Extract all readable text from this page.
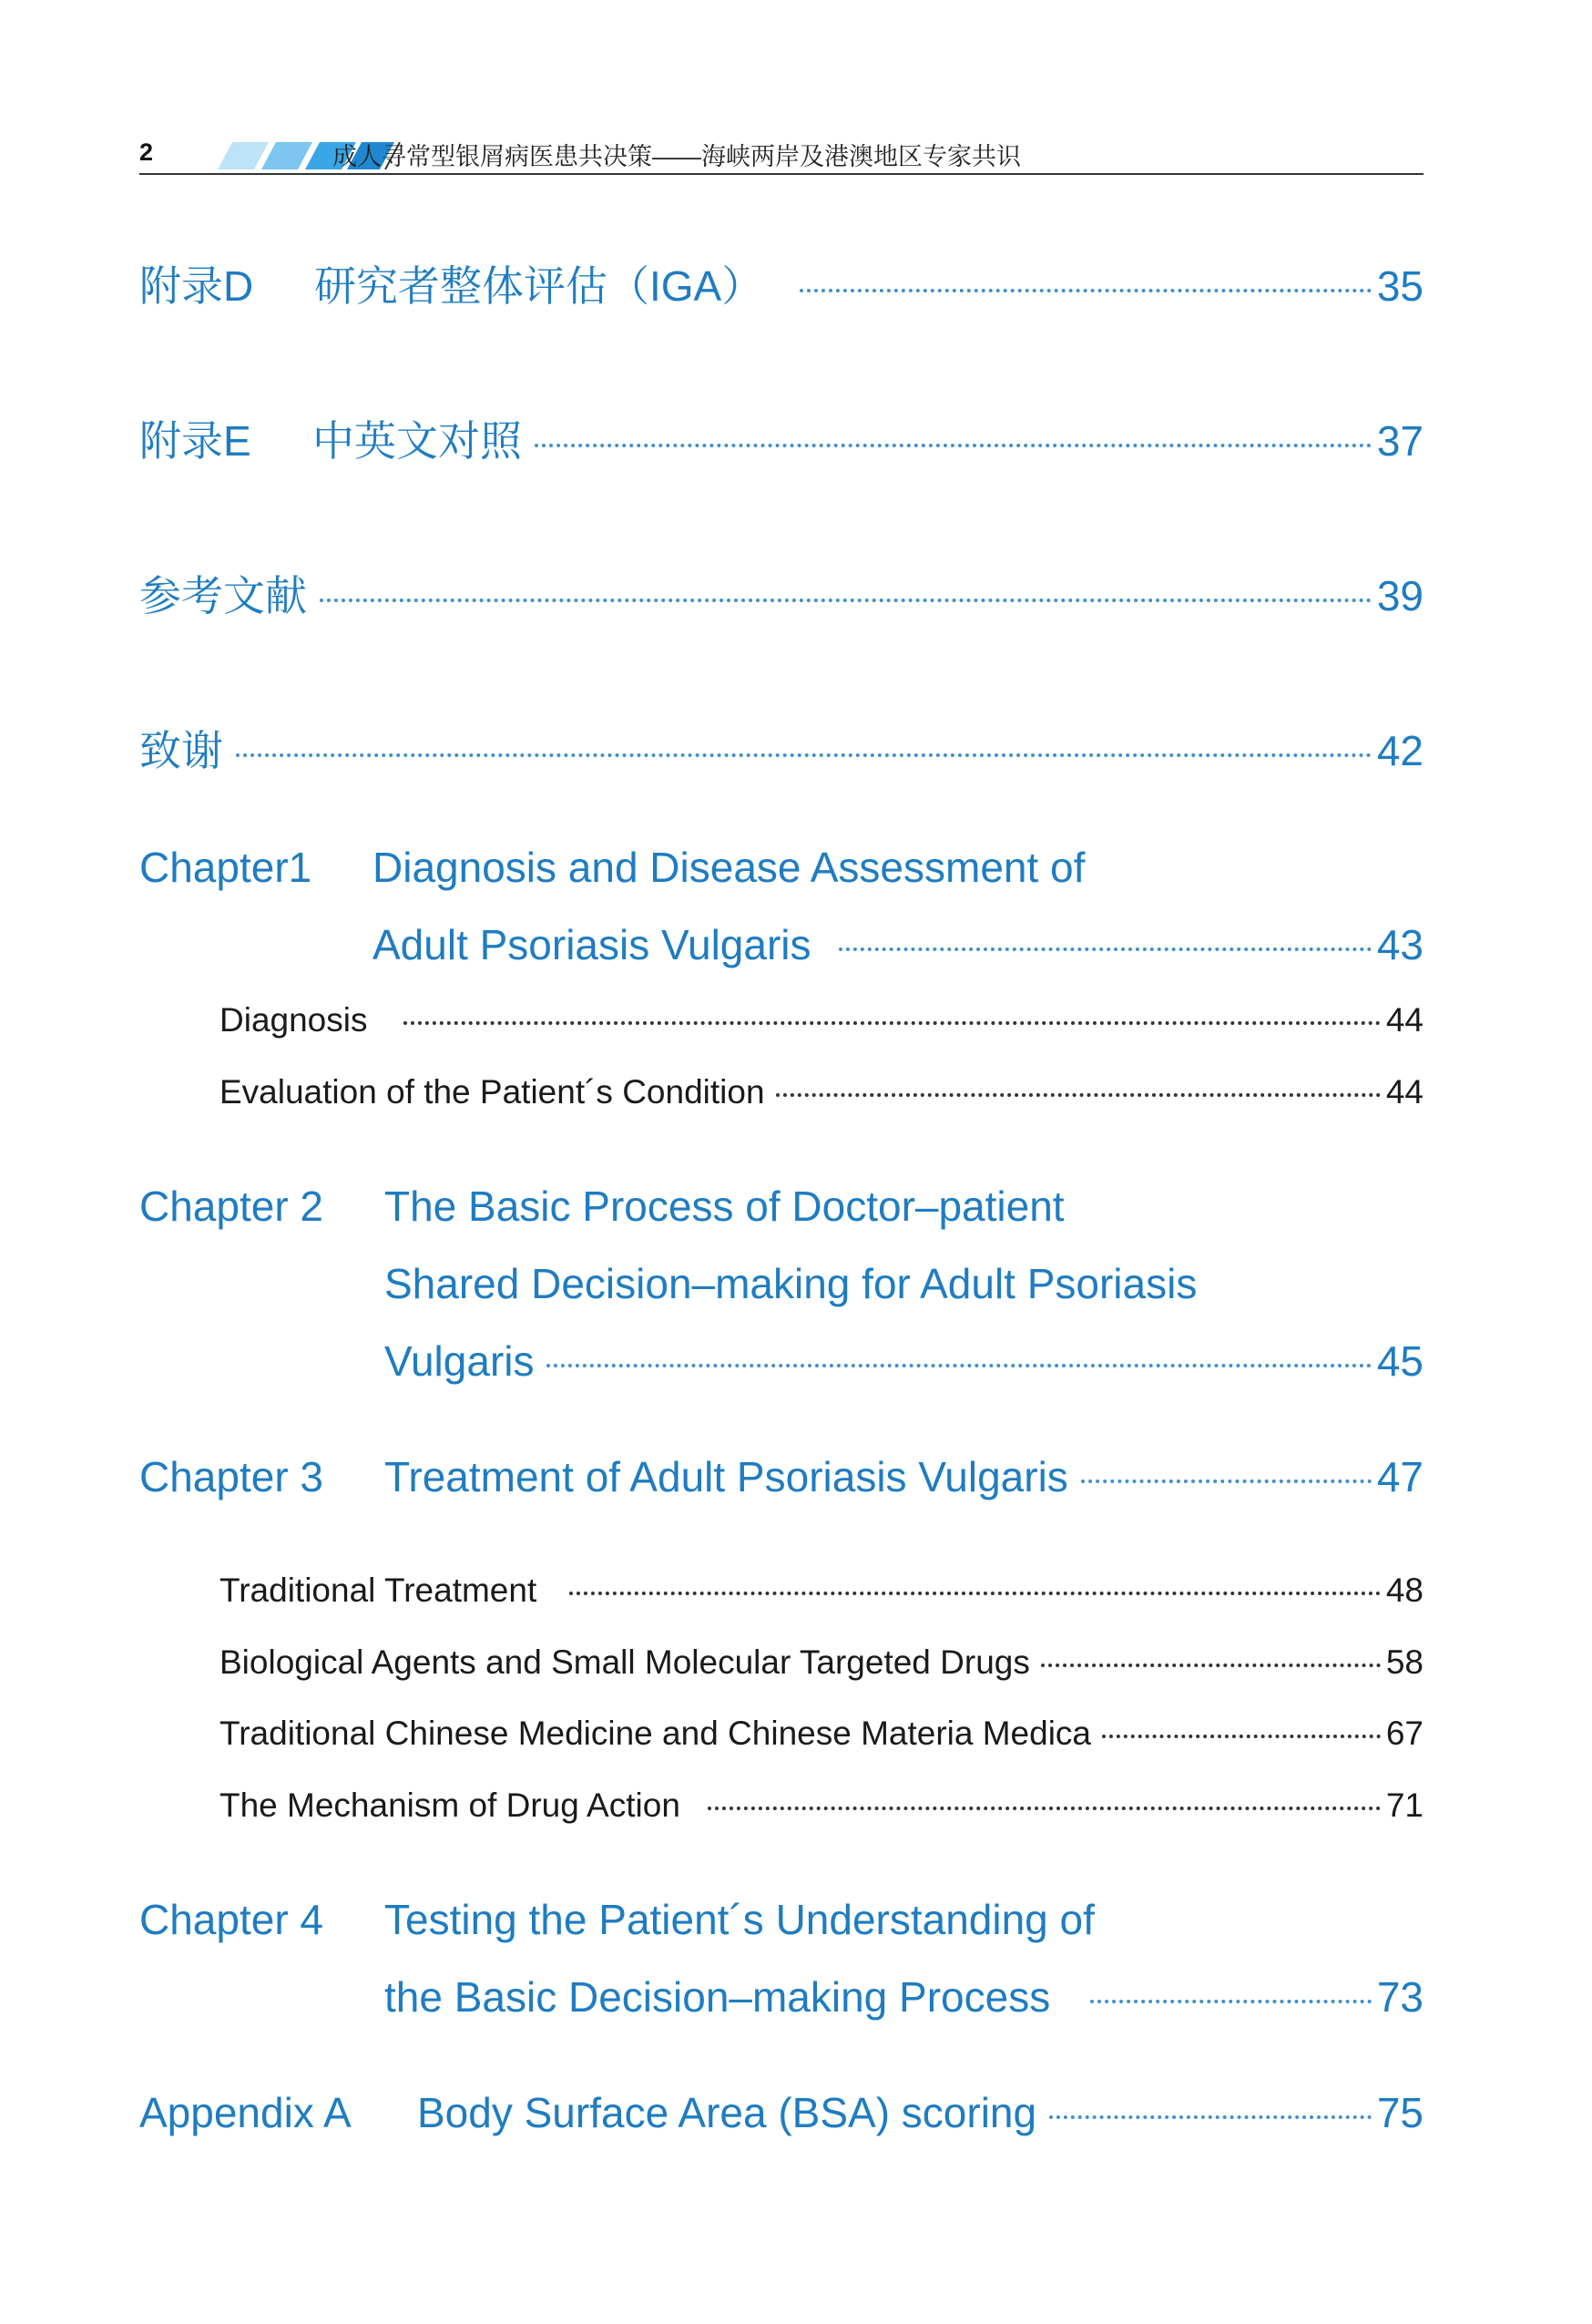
2	成人寻常型银屑病医患共决策——海峡两岸及港澳地区专家共识
附录D	研究者整体评估（IGA）	35
附录E	中英文对照	37
参考文献	39
致谢	42
Chapter1	Diagnosis and Disease Assessment of
Adult Psoriasis Vulgaris	43
Diagnosis	44
Evaluation of the Patient´s Condition	44
Chapter 2	The Basic Process of Doctor–patient
Shared Decision–making for Adult Psoriasis
Vulgaris	45
Chapter 3	Treatment of Adult Psoriasis Vulgaris	47
Traditional Treatment	48
Biological Agents and Small Molecular Targeted Drugs	58
Traditional Chinese Medicine and Chinese Materia Medica	67
The Mechanism of Drug Action	71
Chapter 4	Testing the Patient´s Understanding of
the Basic Decision–making Process	73
Appendix A	Body Surface Area (BSA) scoring	75
